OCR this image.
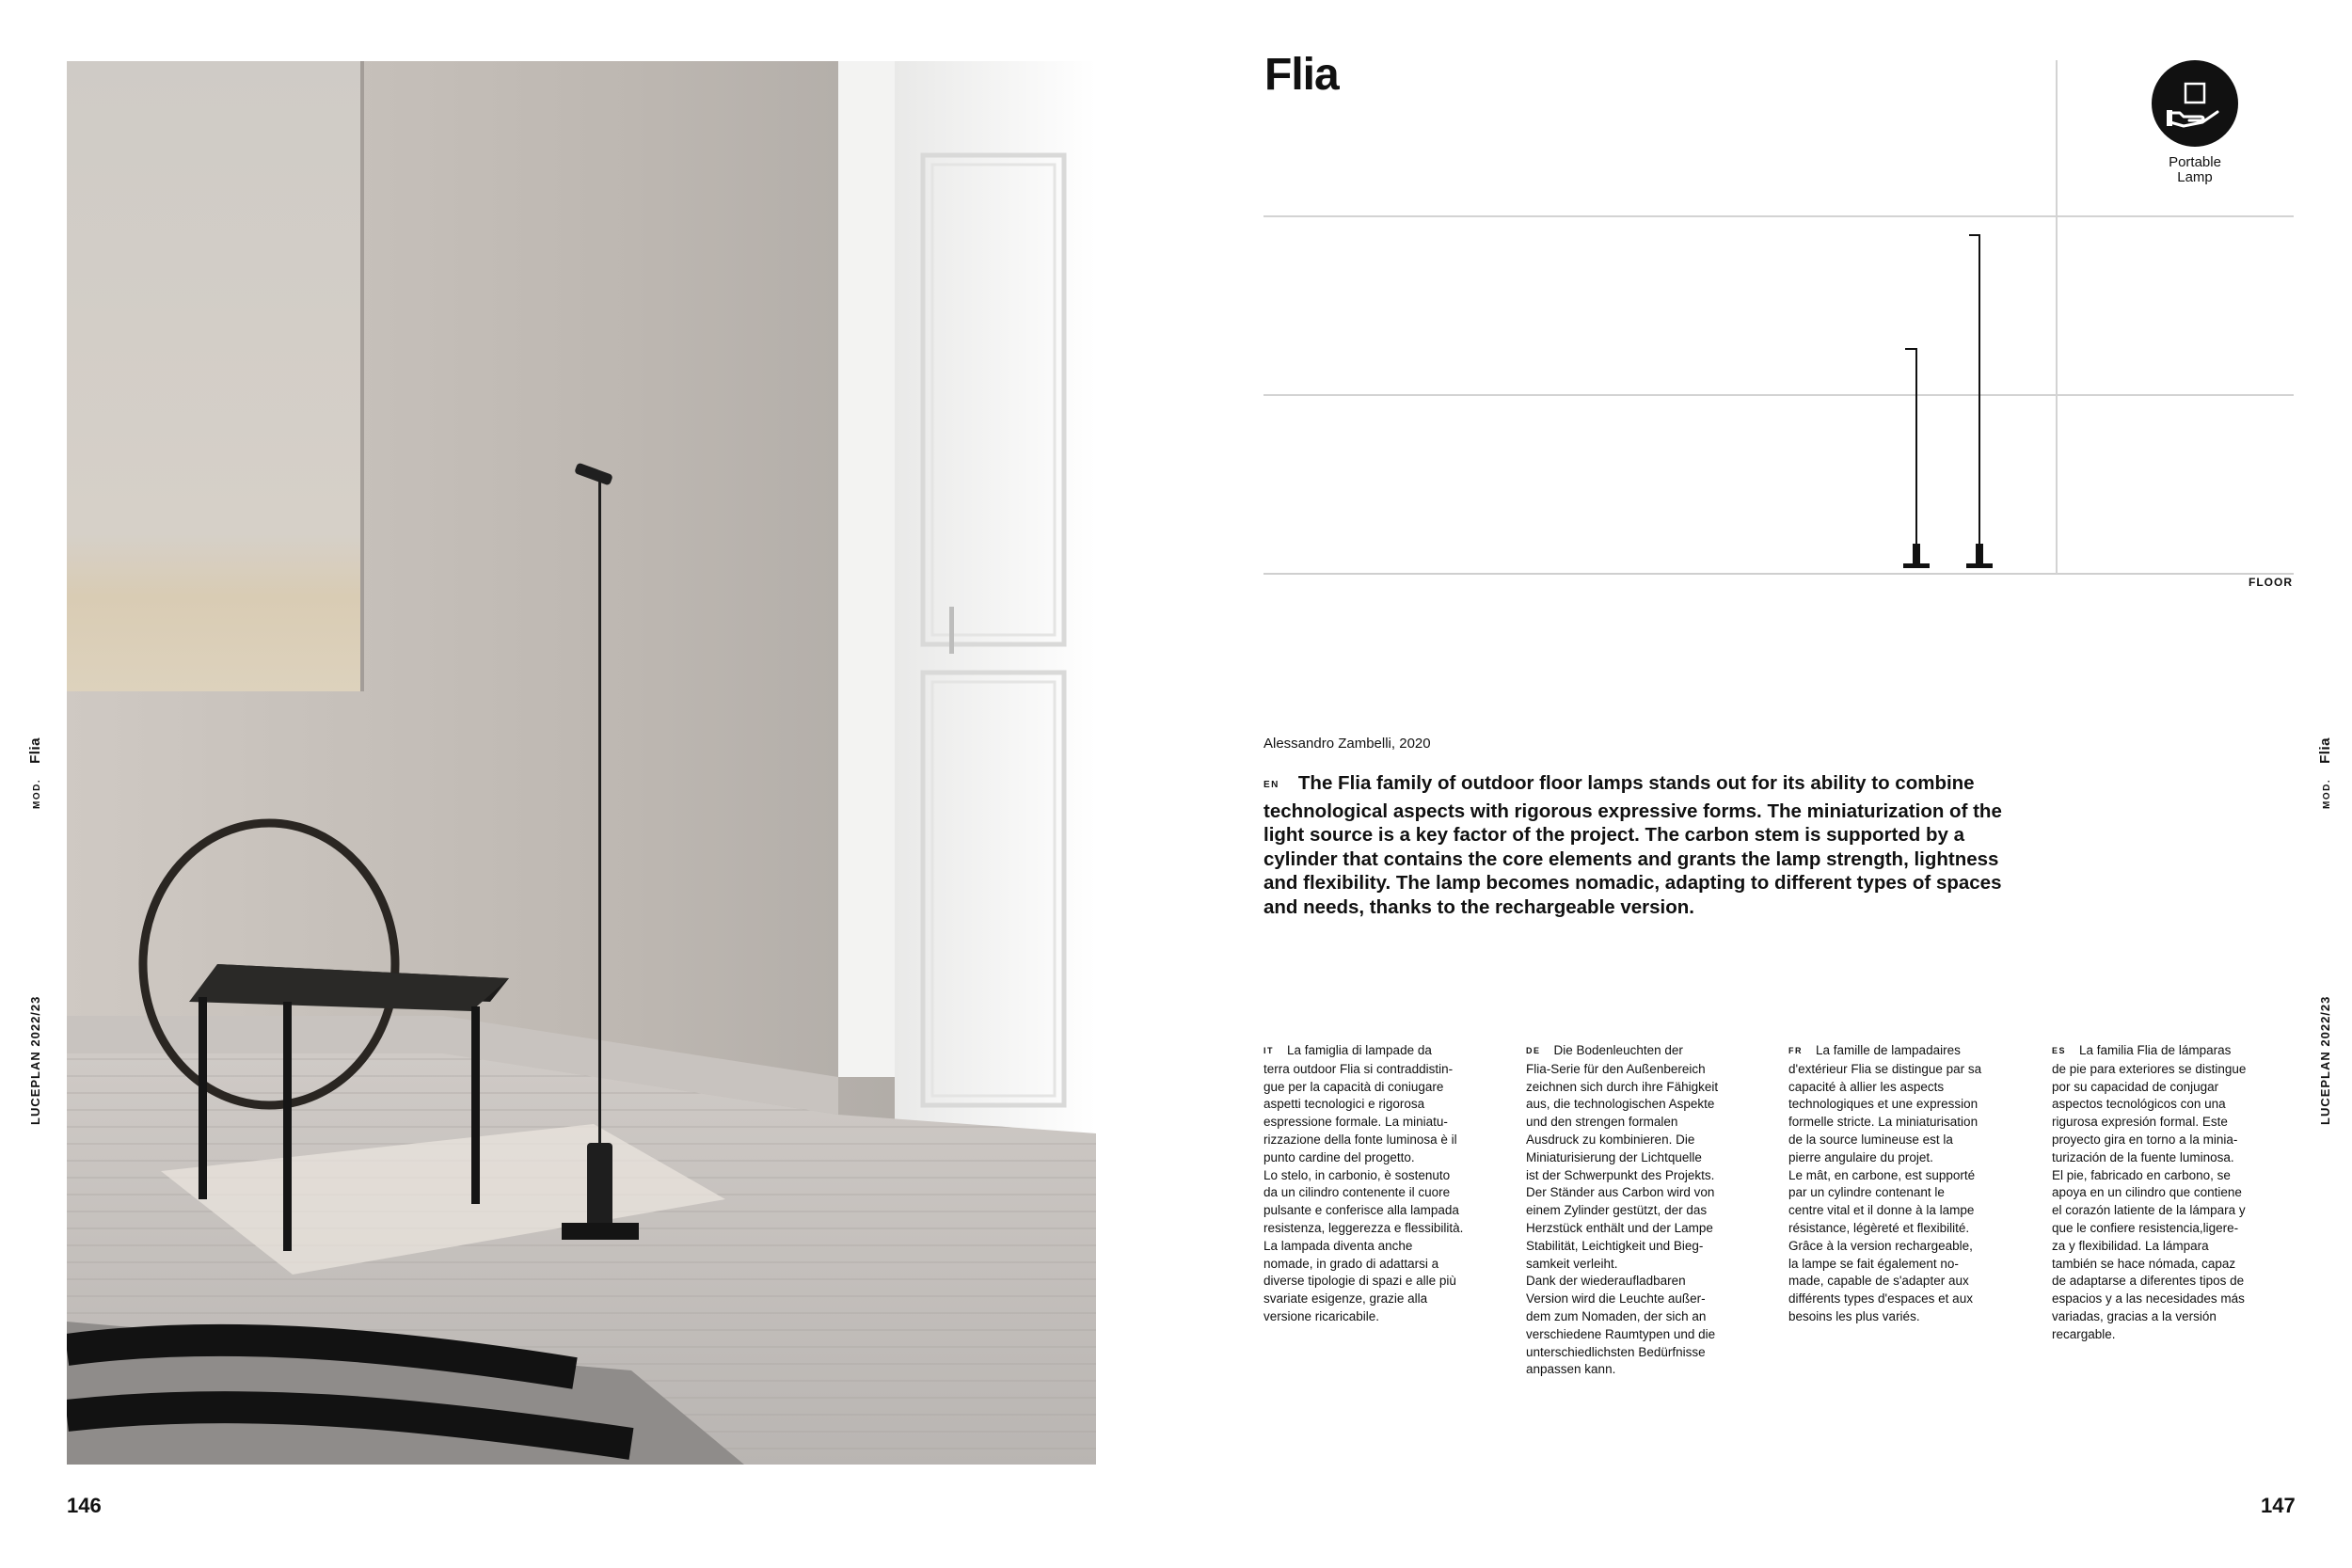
LUCEPLAN 2022/23
MOD.Flia
146
Flia
Portable
Lamp
FLOOR
Alessandro Zambelli, 2020
EN The Flia family of outdoor floor lamps stands out for its ability to combine technological aspects with rigorous expressive forms. The miniaturization of the light source is a key factor of the project. The carbon stem is supported by a cylinder that contains the core elements and grants the lamp strength, lightness and flexibility. The lamp becomes nomadic, adapting to different types of spaces and needs, thanks to the rechargeable version.

IT La famiglia di lampade da
terra outdoor Flia si contraddistin-
gue per la capacità di coniugare
aspetti tecnologici e rigorosa
espressione formale. La miniatu-
rizzazione della fonte luminosa è il
punto cardine del progetto.
Lo stelo, in carbonio, è sostenuto
da un cilindro contenente il cuore
pulsante e conferisce alla lampada
resistenza, leggerezza e flessibilità.
La lampada diventa anche
nomade, in grado di adattarsi a
diverse tipologie di spazi e alle più
svariate esigenze, grazie alla
versione ricaricabile.

DE Die Bodenleuchten der
Flia-Serie für den Außenbereich
zeichnen sich durch ihre Fähigkeit
aus, die technologischen Aspekte
und den strengen formalen
Ausdruck zu kombinieren. Die
Miniaturisierung der Lichtquelle
ist der Schwerpunkt des Projekts.
Der Ständer aus Carbon wird von
einem Zylinder gestützt, der das
Herzstück enthält und der Lampe
Stabilität, Leichtigkeit und Bieg-
samkeit verleiht.
Dank der wiederaufladbaren
Version wird die Leuchte außer-
dem zum Nomaden, der sich an
verschiedene Raumtypen und die
unterschiedlichsten Bedürfnisse
anpassen kann.

FR La famille de lampadaires
d'extérieur Flia se distingue par sa
capacité à allier les aspects
technologiques et une expression
formelle stricte. La miniaturisation
de la source lumineuse est la
pierre angulaire du projet.
Le mât, en carbone, est supporté
par un cylindre contenant le
centre vital et il donne à la lampe
résistance, légèreté et flexibilité.
Grâce à la version rechargeable,
la lampe se fait également no-
made, capable de s'adapter aux
différents types d'espaces et aux
besoins les plus variés.

ES La familia Flia de lámparas
de pie para exteriores se distingue
por su capacidad de conjugar
aspectos tecnológicos con una
rigurosa expresión formal. Este
proyecto gira en torno a la minia-
turización de la fuente luminosa.
El pie, fabricado en carbono, se
apoya en un cilindro que contiene
el corazón latiente de la lámpara y
que le confiere resistencia,ligere-
za y flexibilidad. La lámpara
también se hace nómada, capaz
de adaptarse a diferentes tipos de
espacios y a las necesidades más
variadas, gracias a la versión
recargable.

LUCEPLAN 2022/23
MOD.Flia
147
